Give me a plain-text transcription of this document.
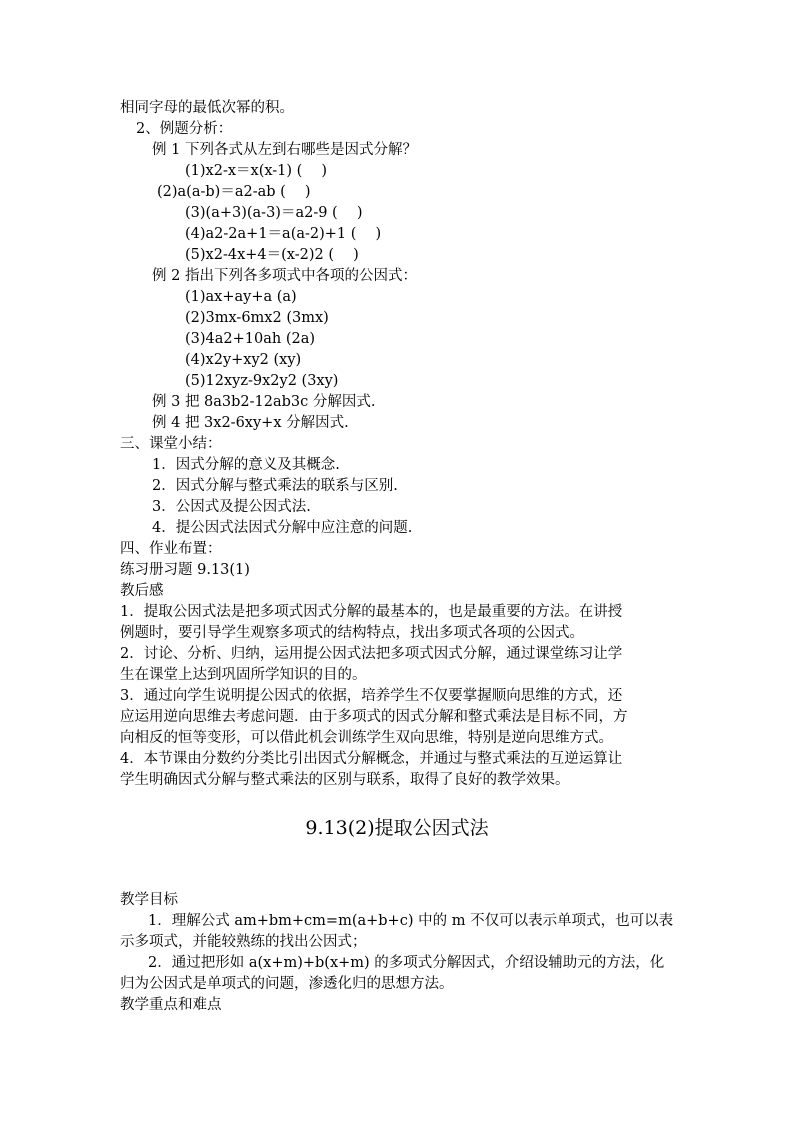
相同字母的最低次幂的积。
2、例题分析：
例 1 下列各式从左到右哪些是因式分解？
(1)x2-x＝x(x-1) (　 )
(2)a(a-b)＝a2-ab (　 )
(3)(a+3)(a-3)＝a2-9 (　 )
(4)a2-2a+1＝a(a-2)+1 (　 )
(5)x2-4x+4＝(x-2)2 (　 )
例 2 指出下列各多项式中各项的公因式：
(1)ax+ay+a (a)
(2)3mx-6mx2 (3mx)
(3)4a2+10ah (2a)
(4)x2y+xy2 (xy)
(5)12xyz-9x2y2 (3xy)
例 3 把 8a3b2-12ab3c 分解因式.
例 4 把 3x2-6xy+x 分解因式.
三、课堂小结：
1．因式分解的意义及其概念.
2．因式分解与整式乘法的联系与区别.
3．公因式及提公因式法.
4．提公因式法因式分解中应注意的问题.
四、作业布置：
练习册习题 9.13(1)
教后感
1．提取公因式法是把多项式因式分解的最基本的，也是最重要的方法。在讲授
例题时，要引导学生观察多项式的结构特点，找出多项式各项的公因式。
2．讨论、分析、归纳，运用提公因式法把多项式因式分解，通过课堂练习让学
生在课堂上达到巩固所学知识的目的。
3．通过向学生说明提公因式的依据，培养学生不仅要掌握顺向思维的方式，还
应运用逆向思维去考虑问题．由于多项式的因式分解和整式乘法是目标不同，方
向相反的恒等变形，可以借此机会训练学生双向思维，特别是逆向思维方式。
4．本节课由分数约分类比引出因式分解概念，并通过与整式乘法的互逆运算让
学生明确因式分解与整式乘法的区别与联系，取得了良好的教学效果。
9.13(2)提取公因式法
教学目标
1．理解公式 am+bm+cm=m(a+b+c) 中的 m 不仅可以表示单项式，也可以表
示多项式，并能较熟练的找出公因式；
2．通过把形如 a(x+m)+b(x+m) 的多项式分解因式，介绍设辅助元的方法，化
归为公因式是单项式的问题，渗透化归的思想方法。
教学重点和难点
